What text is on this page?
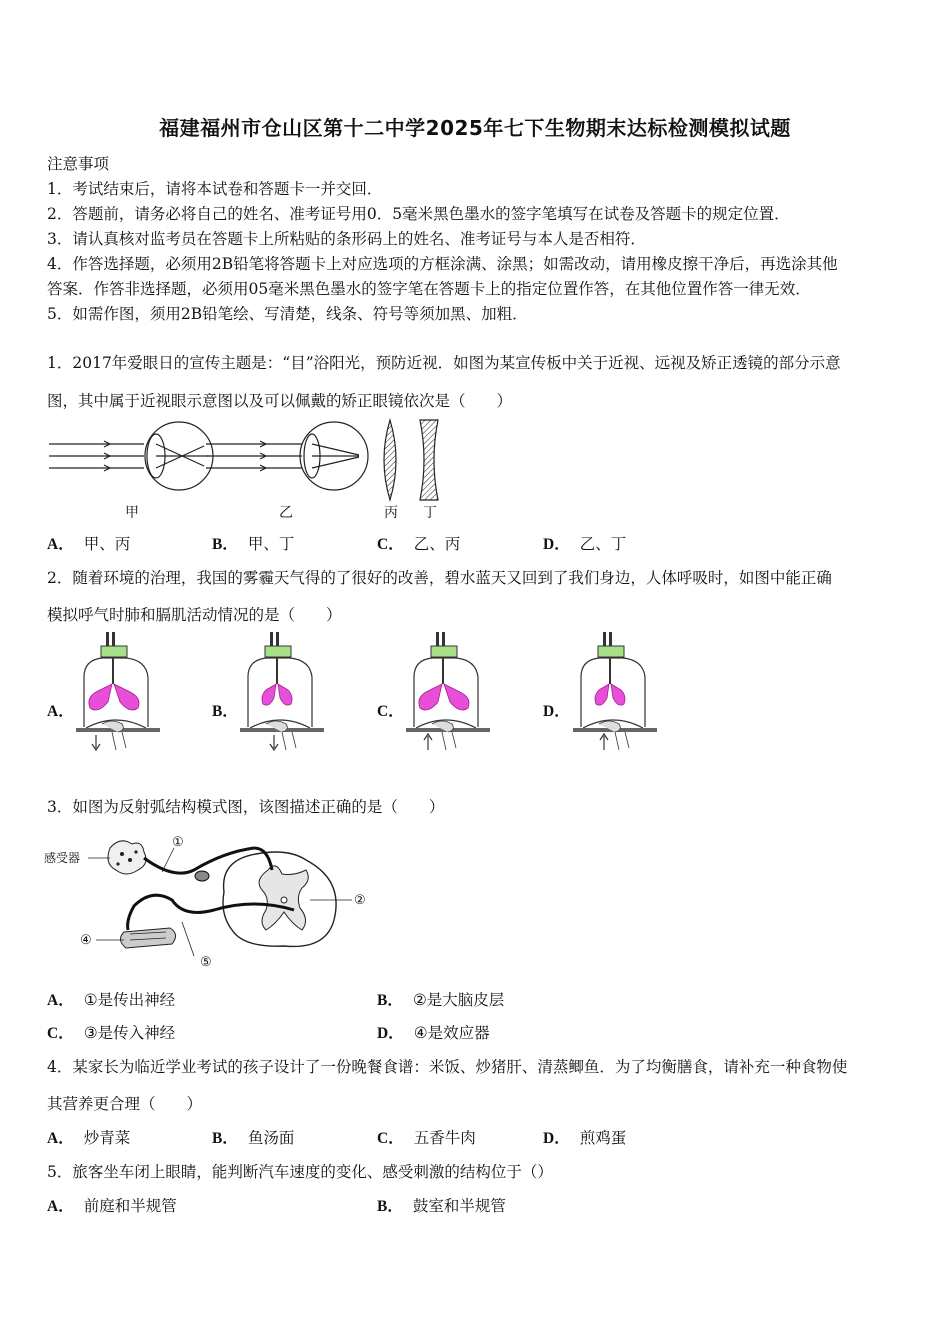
福建福州市仓山区第十二中学2025年七下生物期末达标检测模拟试题
注意事项
1．考试结束后，请将本试卷和答题卡一并交回．
2．答题前，请务必将自己的姓名、准考证号用0．5毫米黑色墨水的签字笔填写在试卷及答题卡的规定位置．
3．请认真核对监考员在答题卡上所粘贴的条形码上的姓名、准考证号与本人是否相符．
4．作答选择题，必须用2B铅笔将答题卡上对应选项的方框涂满、涂黑；如需改动，请用橡皮擦干净后，再选涂其他
答案．作答非选择题，必须用05毫米黑色墨水的签字笔在答题卡上的指定位置作答，在其他位置作答一律无效．
5．如需作图，须用2B铅笔绘、写清楚，线条、符号等须加黑、加粗．
1．2017年爱眼日的宣传主题是：“目”浴阳光，预防近视．如图为某宣传板中关于近视、远视及矫正透镜的部分示意
图，其中属于近视眼示意图以及可以佩戴的矫正眼镜依次是（　　）
甲	乙	丙 丁
A． 甲、丙	B． 甲、丁	C． 乙、丙	D． 乙、丁
2．随着环境的治理，我国的雾霾天气得的了很好的改善，碧水蓝天又回到了我们身边，人体呼吸时，如图中能正确
模拟呼气时肺和膈肌活动情况的是（　　）
A．	B．	C．	D．
3．如图为反射弧结构模式图，该图描述正确的是（　　）
感受器
①
②
④
⑤
A． ①是传出神经	B． ②是大脑皮层
C． ③是传入神经	D． ④是效应器
4．某家长为临近学业考试的孩子设计了一份晚餐食谱：米饭、炒猪肝、清蒸鲫鱼．为了均衡膳食，请补充一种食物使
其营养更合理（　　）
A． 炒青菜	B． 鱼汤面	C． 五香牛肉	D． 煎鸡蛋
5．旅客坐车闭上眼睛，能判断汽车速度的变化、感受刺激的结构位于（）
A． 前庭和半规管	B． 鼓室和半规管
